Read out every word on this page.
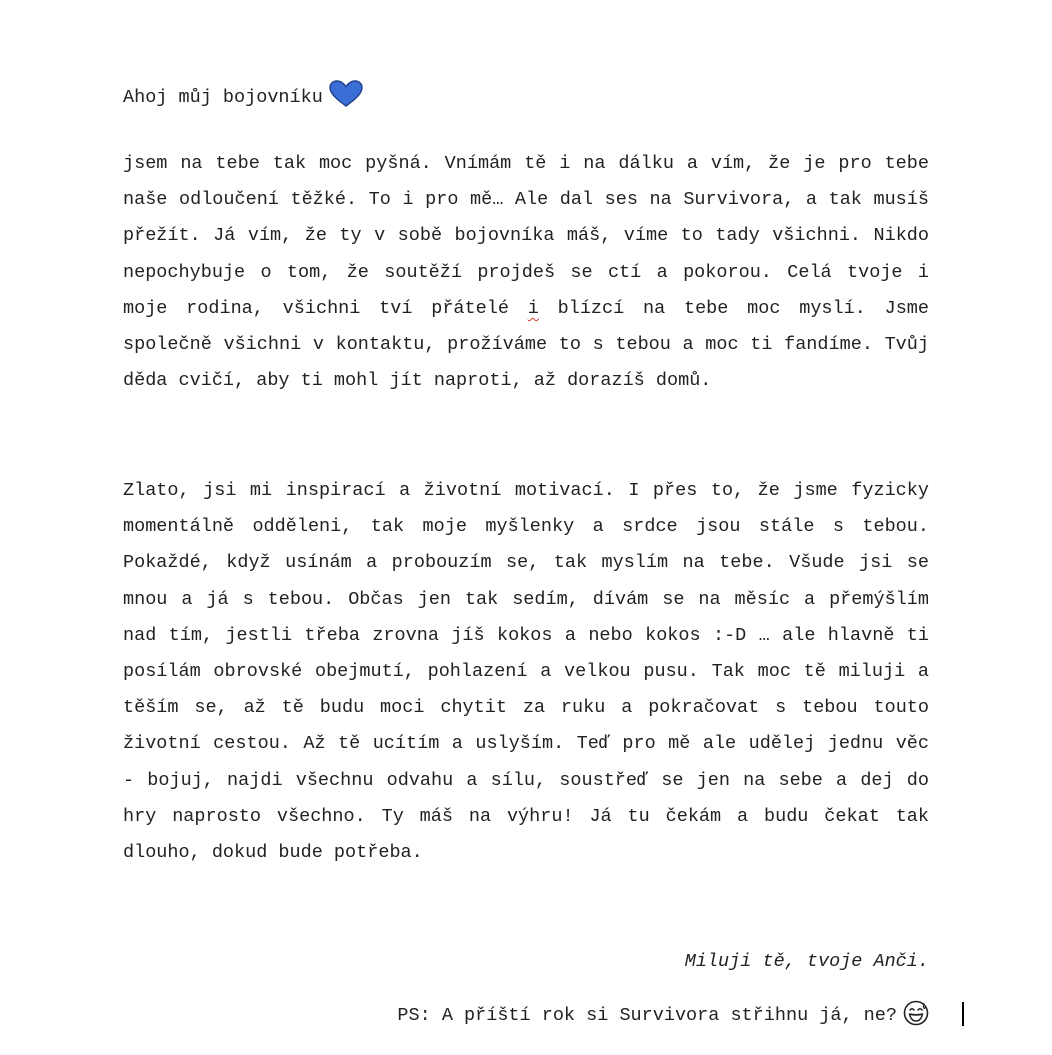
Ahoj můj bojovníku
jsem na tebe tak moc pyšná. Vnímám tě i na dálku a vím, že je pro tebe naše odloučení těžké. To i pro mě… Ale dal ses na Survivora, a tak musíš přežít. Já vím, že ty v sobě bojovníka máš, víme to tady všichni. Nikdo nepochybuje o tom, že soutěží projdeš se ctí a pokorou. Celá tvoje i moje rodina, všichni tví přátelé i blízcí na tebe moc myslí. Jsme společně všichni v kontaktu, prožíváme to s tebou a moc ti fandíme. Tvůj děda cvičí, aby ti mohl jít naproti, až dorazíš domů.
Zlato, jsi mi inspirací a životní motivací. I přes to, že jsme fyzicky momentálně odděleni, tak moje myšlenky a srdce jsou stále s tebou. Pokaždé, když usínám a probouzím se, tak myslím na tebe. Všude jsi se mnou a já s tebou. Občas jen tak sedím, dívám se na měsíc a přemýšlím nad tím, jestli třeba zrovna jíš kokos a nebo kokos :-D … ale hlavně ti posílám obrovské obejmutí, pohlazení a velkou pusu. Tak moc tě miluji a těším se, až tě budu moci chytit za ruku a pokračovat s tebou touto životní cestou. Až tě ucítím a uslyším. Teď pro mě ale udělej jednu věc - bojuj, najdi všechnu odvahu a sílu, soustřeď se jen na sebe a dej do hry naprosto všechno. Ty máš na výhru! Já tu čekám a budu čekat tak dlouho, dokud bude potřeba.
Miluji tě, tvoje Anči.
PS: A příští rok si Survivora střihnu já, ne?
